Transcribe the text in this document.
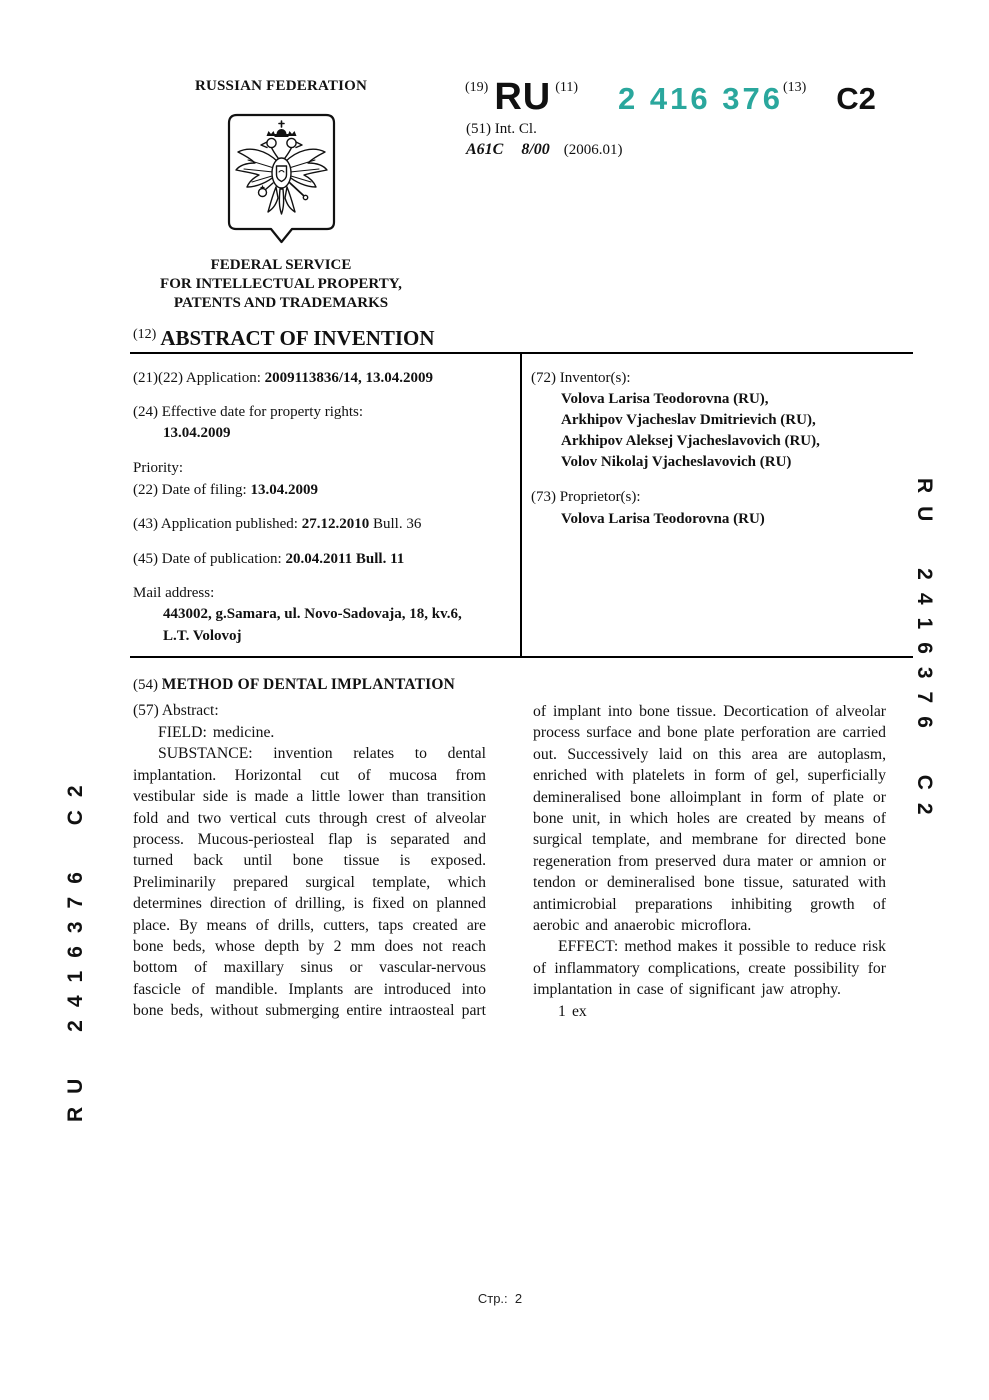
RUSSIAN FEDERATION
FEDERAL SERVICE
FOR INTELLECTUAL PROPERTY,
PATENTS AND TRADEMARKS
(19) RU (11) 2 416 376(13) C2
(51) Int. Cl.
A61C 8/00 (2006.01)
$^{(12)}$ ABSTRACT OF INVENTION
(21)(22) Application: 2009113836/14, 13.04.2009
(24) Effective date for property rights:
13.04.2009
Priority:
(22) Date of filing: 13.04.2009
(43) Application published: 27.12.2010 Bull. 36
(45) Date of publication: 20.04.2011 Bull. 11
Mail address:
443002, g.Samara, ul. Novo-Sadovaja, 18, kv.6,
L.T. Volovoj
(72) Inventor(s):
Volova Larisa Teodorovna (RU),
Arkhipov Vjacheslav Dmitrievich (RU),
Arkhipov Aleksej Vjacheslavovich (RU),
Volov Nikolaj Vjacheslavovich (RU)
(73) Proprietor(s):
Volova Larisa Teodorovna (RU)
(54) METHOD OF DENTAL IMPLANTATION
(57) Abstract:

FIELD: medicine.

SUBSTANCE: invention relates to dental implantation. Horizontal cut of mucosa from vestibular side is made a little lower than transition fold and two vertical cuts through crest of alveolar process. Mucous-periosteal flap is separated and turned back until bone tissue is exposed. Preliminarily prepared surgical template, which determines direction of drilling, is fixed on planned place. By means of drills, cutters, taps created are bone beds, whose depth by 2 mm does not reach bottom of maxillary sinus or vascular-nervous fascicle of mandible. Implants are introduced into bone beds, without submerging entire intraosteal part

of implant into bone tissue. Decortication of alveolar process surface and bone plate perforation are carried out. Successively laid on this area are autoplasm, enriched with platelets in form of gel, superficially demineralised bone alloimplant in form of plate or bone unit, in which holes are created by means of surgical template, and membrane for directed bone regeneration from preserved dura mater or amnion or tendon or demineralised bone tissue, saturated with antimicrobial preparations inhibiting growth of aerobic and anaerobic microflora.

EFFECT: method makes it possible to reduce risk of inflammatory complications, create possibility for implantation in case of significant jaw atrophy.

1 ex

RU 2416376 C2
RU 2416376 C2
Стр.: 2
